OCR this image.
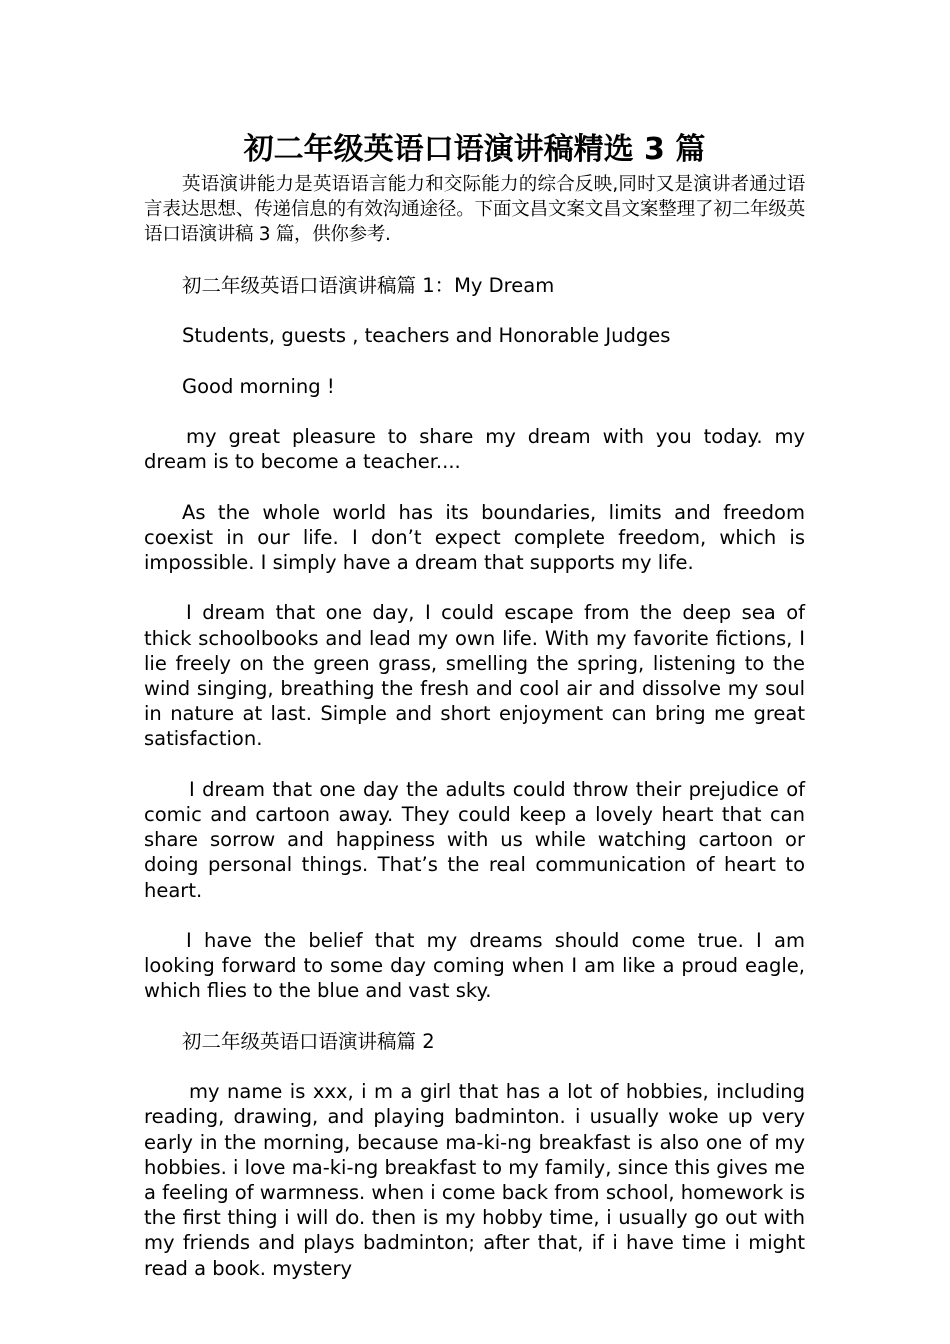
初二年级英语口语演讲稿精选 3 篇

英语演讲能力是英语语言能力和交际能力的综合反映,同时又是演讲者通过语言表达思想、传递信息的有效沟通途径。下面文昌文案文昌文案整理了初二年级英语口语演讲稿 3 篇，供你参考.

初二年级英语口语演讲稿篇 1：My Dream

Students, guests , teachers and Honorable Judges

Good morning !

my great pleasure to share my dream with you today. my dream is to become a teacher....

As the whole world has its boundaries, limits and freedom coexist in our life. I don’t expect complete freedom, which is impossible. I simply have a dream that supports my life.

I dream that one day, I could escape from the deep sea of thick schoolbooks and lead my own life. With my favorite fictions, I lie freely on the green grass, smelling the spring, listening to the wind singing, breathing the fresh and cool air and dissolve my soul in nature at last. Simple and short enjoyment can bring me great satisfaction.

I dream that one day the adults could throw their prejudice of comic and cartoon away. They could keep a lovely heart that can share sorrow and happiness with us while watching cartoon or doing personal things. That’s the real communication of heart to heart.

I have the belief that my dreams should come true. I am looking forward to some day coming when I am like a proud eagle, which flies to the blue and vast sky.

初二年级英语口语演讲稿篇 2

my name is xxx, i m a girl that has a lot of hobbies, including reading, drawing, and playing badminton. i usually woke up very early in the morning, because ma-ki-ng breakfast is also one of my hobbies. i love ma-ki-ng breakfast to my family, since this gives me a feeling of warmness. when i come back from school, homework is the first thing i will do. then is my hobby time, i usually go out with my friends and plays badminton; after that, if i have time i might read a book. mystery
